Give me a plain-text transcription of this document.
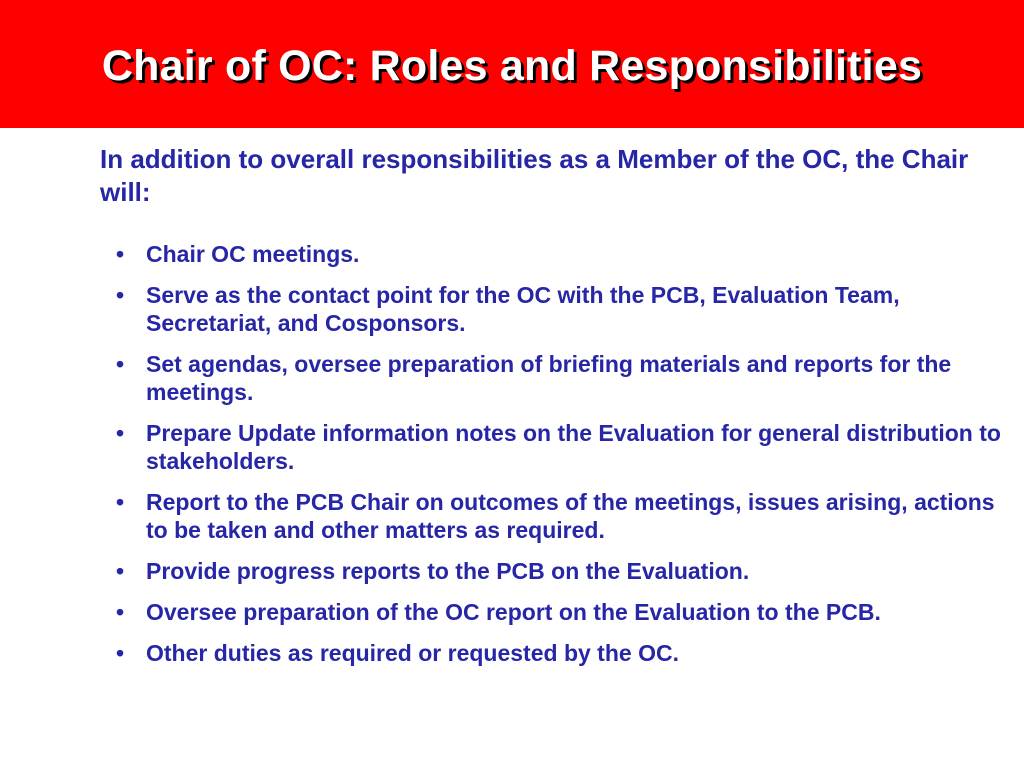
Chair of OC: Roles and Responsibilities

In addition to overall responsibilities as a Member of the OC, the Chair will:

• Chair OC meetings.
• Serve as the contact point for the OC with the PCB, Evaluation Team, Secretariat, and Cosponsors.
• Set agendas, oversee preparation of briefing materials and reports for the meetings.
• Prepare Update information notes on the Evaluation for general distribution to stakeholders.
• Report to the PCB Chair on outcomes of the meetings, issues arising, actions to be taken and other matters as required.
• Provide progress reports to the PCB on the Evaluation.
• Oversee preparation of the OC report on the Evaluation to the PCB.
• Other duties as required or requested by the OC.
